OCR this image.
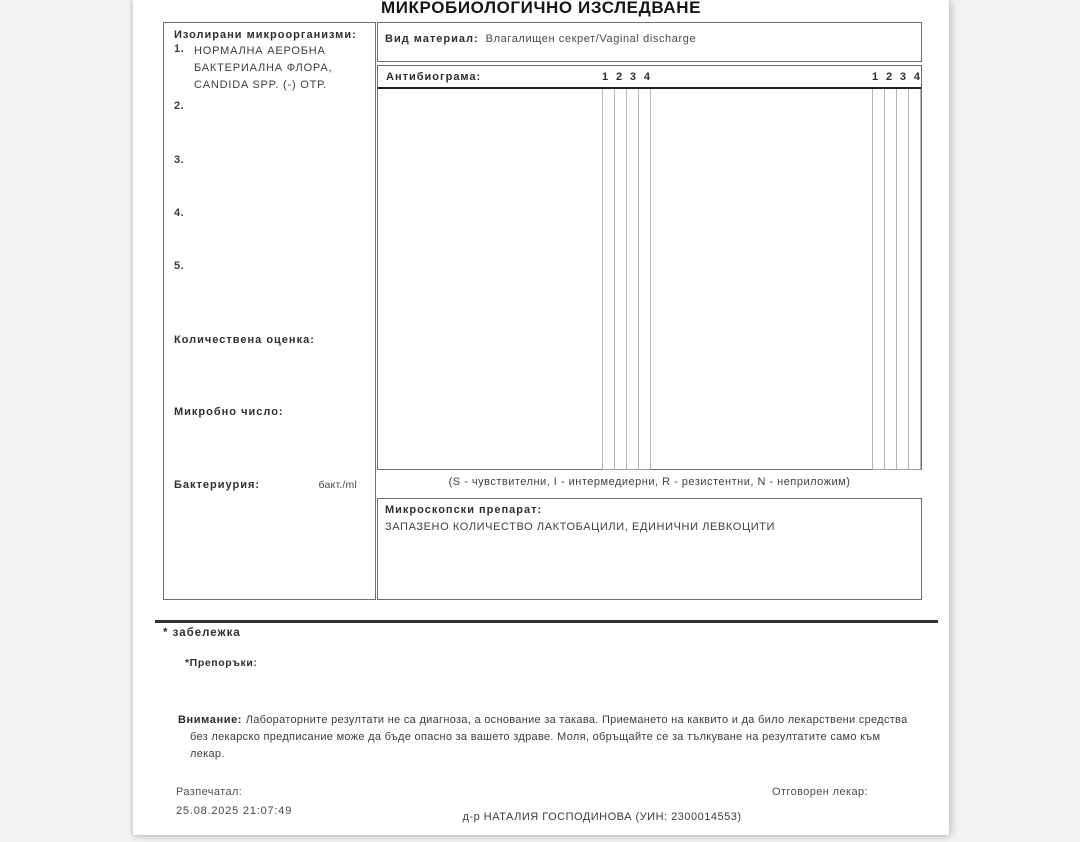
МИКРОБИОЛОГИЧНО ИЗСЛЕДВАНЕ
Изолирани микроорганизми:
1. НОРМАЛНА АЕРОБНА БАКТЕРИАЛНА ФЛОРА, CANDIDA SPP. (-) ОТР.
2.
3.
4.
5.
Количествена оценка:
Микробно число:
Бактериурия:	бакт./ml
Вид материал: Влагалищен секрет/Vaginal discharge
Антибиограма:	1 2 3 4	1 2 3 4
(S - чувствителни, I - интермедиерни, R - резистентни, N - неприложим)
Микроскопски препарат:
ЗАПАЗЕНО КОЛИЧЕСТВО ЛАКТОБАЦИЛИ, ЕДИНИЧНИ ЛЕВКОЦИТИ
* забележка
*Препоръки:
Внимание: Лабораторните резултати не са диагноза, а основание за такава. Приемането на каквито и да било лекарствени средства без лекарско предписание може да бъде опасно за вашето здраве. Моля, обръщайте се за тълкуване на резултатите само към лекар.
Разпечатал:
25.08.2025 21:07:49
Отговорен лекар:
д-р НАТАЛИЯ ГОСПОДИНОВА (УИН: 2300014553)
